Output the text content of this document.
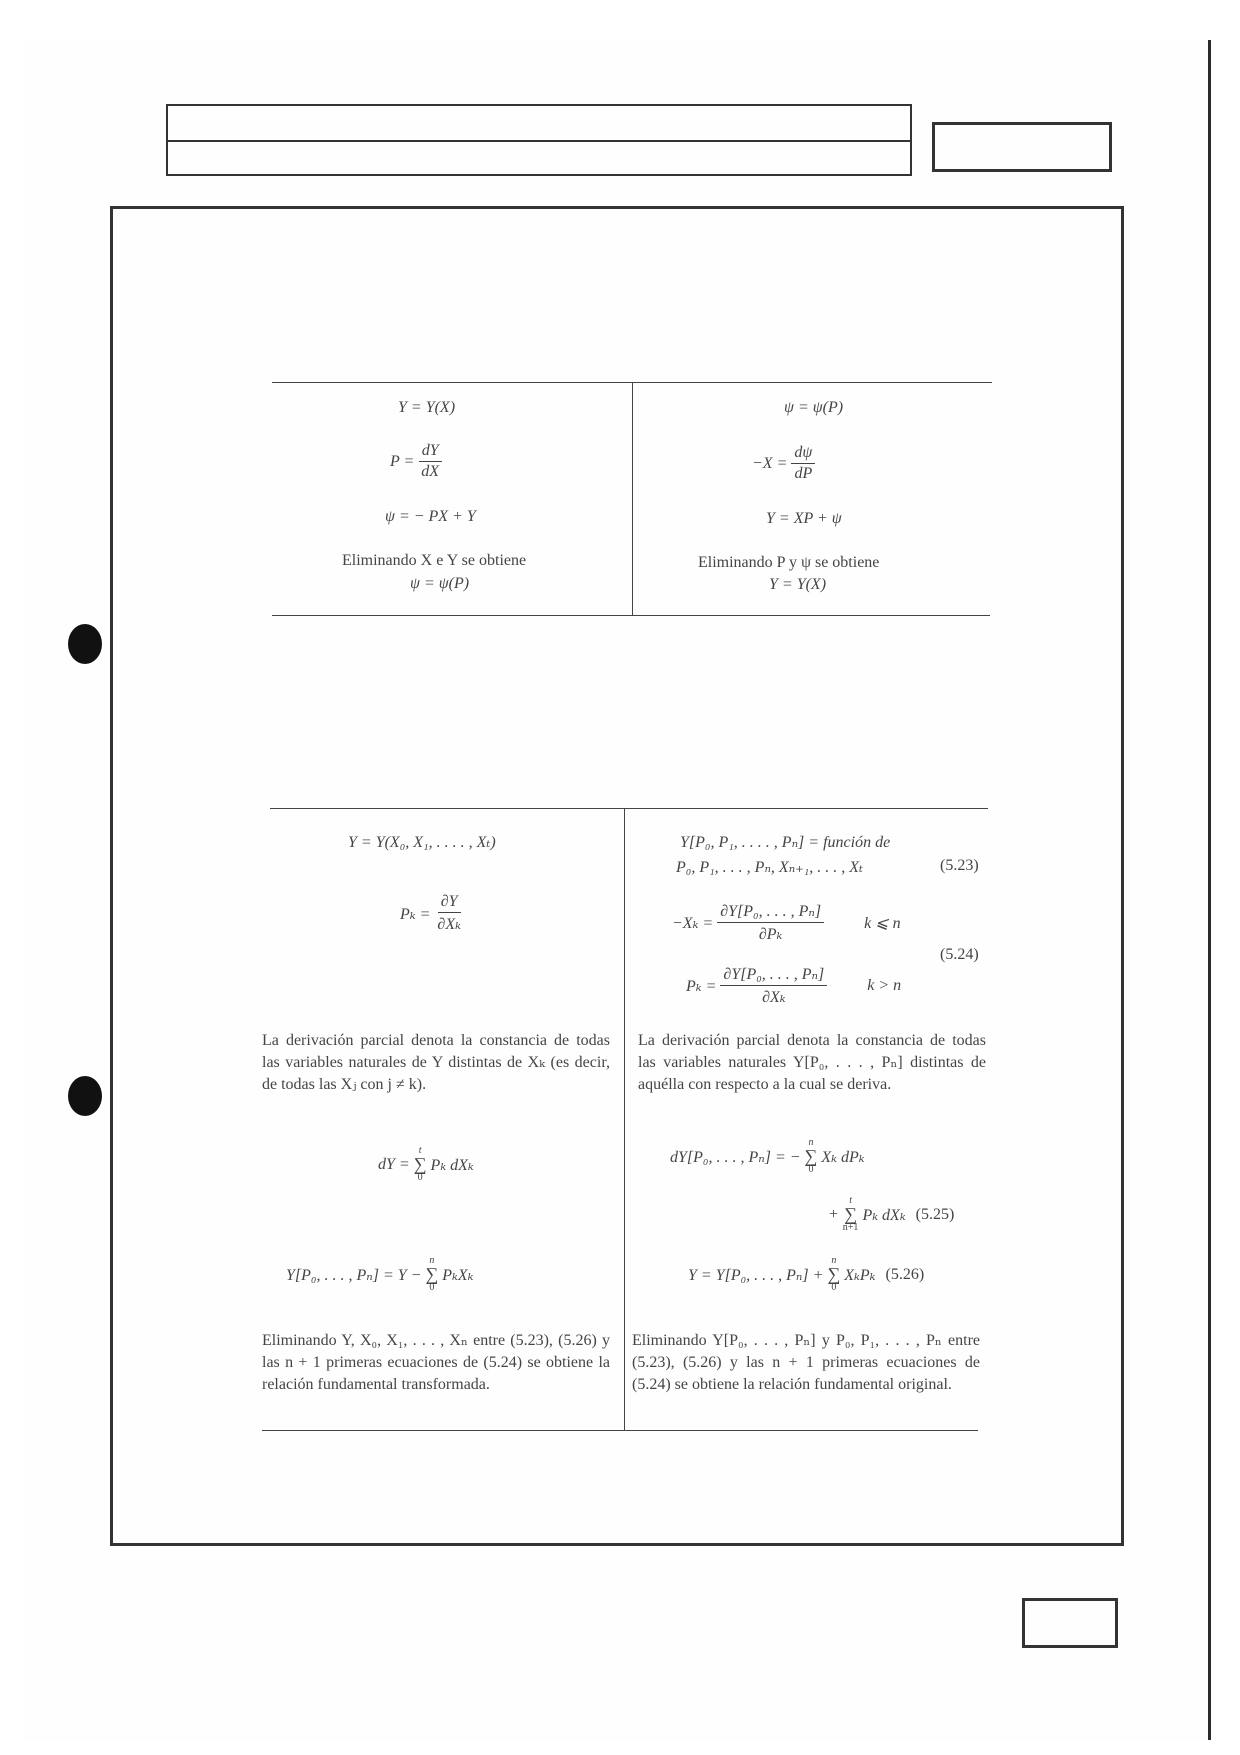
Y = Y(X)
$P = \frac{dY}{dX}$
ψ = − PX + Y
Eliminando X e Y se obtiene
ψ = ψ(P)
ψ = ψ(P)
$-X = \frac{d\psi}{dP}$
Y = XP + ψ
Eliminando P y ψ se obtiene
Y = Y(X)
Y = Y(X₀, X₁, . . . . , Xₜ)
$P_k = \frac{\partial Y}{\text{∂Xₖ}}$
La derivación parcial denota la constancia de todas las variables naturales de Y distintas de Xₖ (es decir, de todas las Xⱼ con j ≠ k).
dY =
t
∑
0
Pₖ dXₖ
Y[P₀, . . . , Pₙ] = Y −
n
∑
0
PₖXₖ
Eliminando Y, X₀, X₁, . . . , Xₙ entre (5.23), (5.26) y las n + 1 primeras ecuaciones de (5.24) se obtiene la relación fundamental transformada.
Y[P₀, P₁, . . . . , Pₙ] = función de
P₀, P₁, . . . , Pₙ, Xₙ₊₁, . . . , Xₜ	(5.23)
$-X_k = \frac{\text{∂Y[P₀, . . . , Pₙ]}}{\text{∂Pₖ}}$	k ⩽ n
(5.24)
$P_k = \frac{\text{∂Y[P₀, . . . , Pₙ]}}{\text{∂Xₖ}}$	k > n
La derivación parcial denota la constancia de todas las variables naturales Y[P₀, . . . , Pₙ] distintas de aquélla con respecto a la cual se deriva.
dY[P₀, . . . , Pₙ] = −
n
∑
0
Xₖ dPₖ
+
t
∑
n+1
Pₖ dXₖ (5.25)
Y = Y[P₀, . . . , Pₙ] +
n
∑
0
XₖPₖ (5.26)
Eliminando Y[P₀, . . . , Pₙ] y P₀, P₁, . . . , Pₙ entre (5.23), (5.26) y las n + 1 primeras ecuaciones de (5.24) se obtiene la relación fundamental original.
